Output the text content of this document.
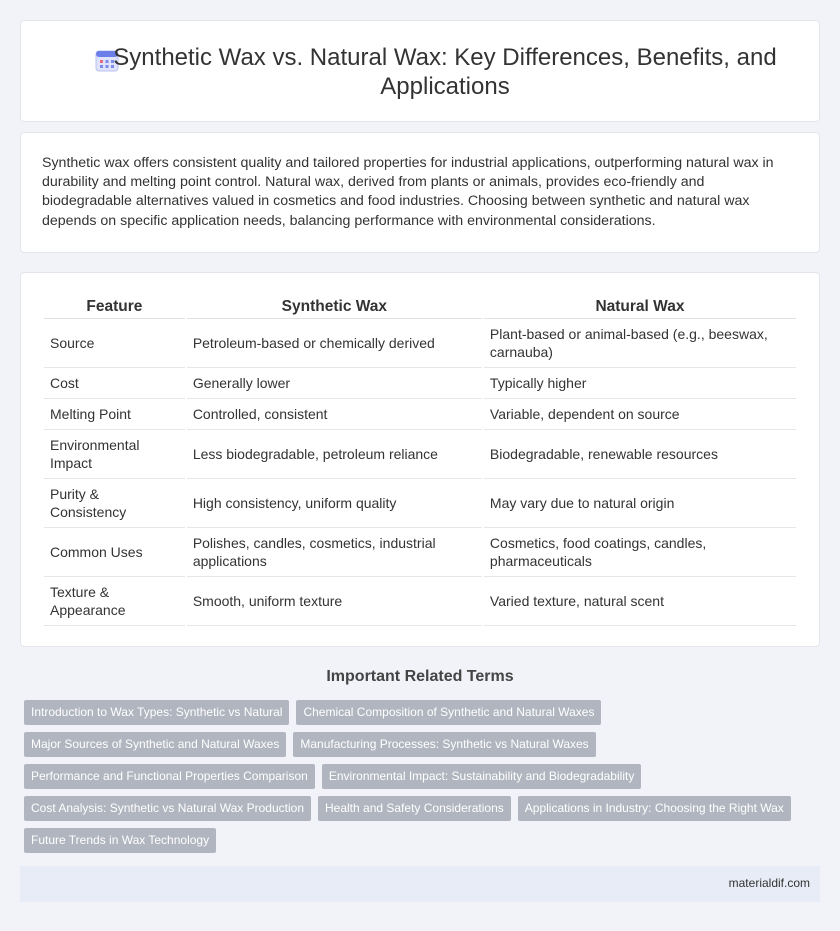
Synthetic Wax vs. Natural Wax: Key Differences, Benefits, and Applications

Synthetic wax offers consistent quality and tailored properties for industrial applications, outperforming natural wax in durability and melting point control. Natural wax, derived from plants or animals, provides eco-friendly and biodegradable alternatives valued in cosmetics and food industries. Choosing between synthetic and natural wax depends on specific application needs, balancing performance with environmental considerations.

Feature	Synthetic Wax	Natural Wax
Source	Petroleum-based or chemically derived	Plant-based or animal-based (e.g., beeswax, carnauba)
Cost	Generally lower	Typically higher
Melting Point	Controlled, consistent	Variable, dependent on source
Environmental Impact	Less biodegradable, petroleum reliance	Biodegradable, renewable resources
Purity & Consistency	High consistency, uniform quality	May vary due to natural origin
Common Uses	Polishes, candles, cosmetics, industrial applications	Cosmetics, food coatings, candles, pharmaceuticals
Texture & Appearance	Smooth, uniform texture	Varied texture, natural scent
Important Related Terms
Introduction to Wax Types: Synthetic vs Natural	Chemical Composition of Synthetic and Natural Waxes
Major Sources of Synthetic and Natural Waxes	Manufacturing Processes: Synthetic vs Natural Waxes
Performance and Functional Properties Comparison	Environmental Impact: Sustainability and Biodegradability
Cost Analysis: Synthetic vs Natural Wax Production	Health and Safety Considerations	Applications in Industry: Choosing the Right Wax
Future Trends in Wax Technology
materialdif.com
